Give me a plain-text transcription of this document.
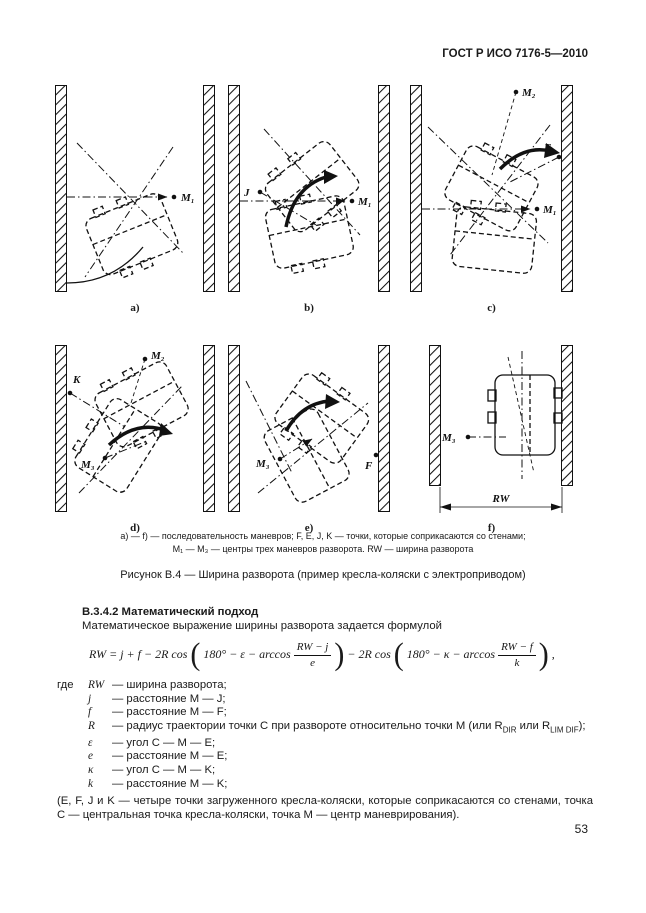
ГОСТ Р ИСО 7176-5—2010
M₁
а)
J
M₁
b)
M₂
E
M₁
c)
M₂
K
M₃
d)
M₃	F
е)
M₃
RW
f)
а) — f) — последовательность маневров; F, E, J, K — точки, которые соприкасаются со стенами;
М₁ — М₃ — центры трех маневров разворота. RW — ширина разворота
Рисунок В.4 — Ширина разворота (пример кресла-коляски с электроприводом)
В.3.4.2 Математический подход
Математическое выражение ширины разворота задается формулой
RW = j + f − 2R cos ( $180^\circ - \varepsilon - \arccos \frac{RW - j}{e}$ ) − 2R cos ( $180^\circ - \kappa - \arccos \frac{RW - f}{k}$ ) ,
где	RW — ширина разворота;
j	— расстояние M — J;
f	— расстояние M — F;
R	— радиус траектории точки C при развороте относительно точки M (или $R_{DIR}$ или $R_{LIM DIF}$);
ε	— угол C — M — E;
e	— расстояние M — E;
κ	— угол C — M — K;
k	— расстояние M — K;
(E, F, J и K — четыре точки загруженного кресла-коляски, которые соприкасаются со стенами, точка C — центральная точка кресла-коляски, точка M — центр маневрирования).
53
